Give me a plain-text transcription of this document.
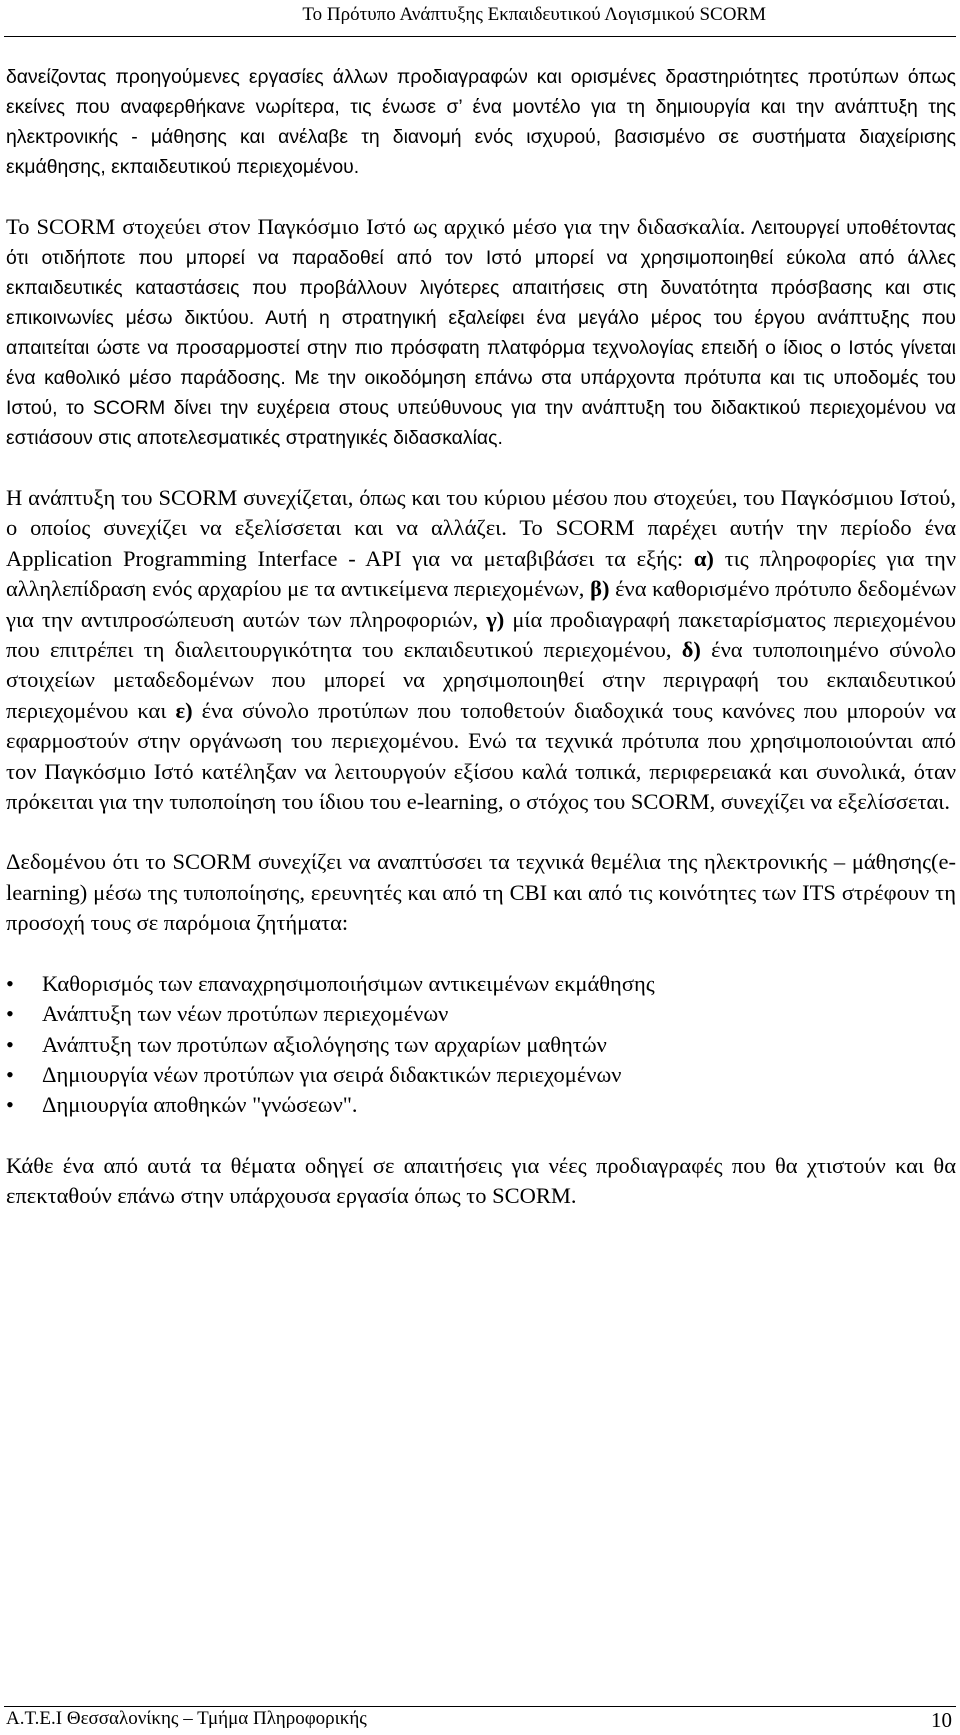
Το Πρότυπο Ανάπτυξης Εκπαιδευτικού Λογισμικού SCORM

δανείζοντας προηγούμενες εργασίες άλλων προδιαγραφών και ορισμένες δραστηριότητες προτύπων όπως εκείνες που αναφερθήκανε νωρίτερα, τις ένωσε σ’ ένα μοντέλο για τη δημιουργία και την ανάπτυξη της ηλεκτρονικής - μάθησης και ανέλαβε τη διανομή ενός ισχυρού, βασισμένο σε συστήματα διαχείρισης εκμάθησης, εκπαιδευτικού περιεχομένου.

Το SCORM στοχεύει στον Παγκόσμιο Ιστό ως αρχικό μέσο για την διδασκαλία. Λειτουργεί υποθέτοντας ότι οτιδήποτε που μπορεί να παραδοθεί από τον Ιστό μπορεί να χρησιμοποιηθεί εύκολα από άλλες εκπαιδευτικές καταστάσεις που προβάλλουν λιγότερες απαιτήσεις στη δυνατότητα πρόσβασης και στις επικοινωνίες μέσω δικτύου. Αυτή η στρατηγική εξαλείφει ένα μεγάλο μέρος του έργου ανάπτυξης που απαιτείται ώστε να προσαρμοστεί στην πιο πρόσφατη πλατφόρμα τεχνολογίας επειδή ο ίδιος ο Ιστός γίνεται ένα καθολικό μέσο παράδοσης. Με την οικοδόμηση επάνω στα υπάρχοντα πρότυπα και τις υποδομές του Ιστού, το SCORM δίνει την ευχέρεια στους υπεύθυνους για την ανάπτυξη του διδακτικού περιεχομένου να εστιάσουν στις αποτελεσματικές στρατηγικές διδασκαλίας.

Η ανάπτυξη του SCORM συνεχίζεται, όπως και του κύριου μέσου που στοχεύει, του Παγκόσμιου Ιστού, ο οποίος συνεχίζει να εξελίσσεται και να αλλάζει. Το SCORM παρέχει αυτήν την περίοδο ένα Application Programming Interface - API για να μεταβιβάσει τα εξής: α) τις πληροφορίες για την αλληλεπίδραση ενός αρχαρίου με τα αντικείμενα περιεχομένων, β) ένα καθορισμένο πρότυπο δεδομένων για την αντιπροσώπευση αυτών των πληροφοριών, γ) μία προδιαγραφή πακεταρίσματος περιεχομένου που επιτρέπει τη διαλειτουργικότητα του εκπαιδευτικού περιεχομένου, δ) ένα τυποποιημένο σύνολο στοιχείων μεταδεδομένων που μπορεί να χρησιμοποιηθεί στην περιγραφή του εκπαιδευτικού περιεχομένου και ε) ένα σύνολο προτύπων που τοποθετούν διαδοχικά τους κανόνες που μπορούν να εφαρμοστούν στην οργάνωση του περιεχομένου. Ενώ τα τεχνικά πρότυπα που χρησιμοποιούνται από τον Παγκόσμιο Ιστό κατέληξαν να λειτουργούν εξίσου καλά τοπικά, περιφερειακά και συνολικά, όταν πρόκειται για την τυποποίηση του ίδιου του e-learning, ο στόχος του SCORM, συνεχίζει να εξελίσσεται.

Δεδομένου ότι το SCORM συνεχίζει να αναπτύσσει τα τεχνικά θεμέλια της ηλεκτρονικής – μάθησης(e-learning) μέσω της τυποποίησης, ερευνητές και από τη CBI και από τις κοινότητες των ITS στρέφουν τη προσοχή τους σε παρόμοια ζητήματα:

• Καθορισμός των επαναχρησιμοποιήσιμων αντικειμένων εκμάθησης
• Ανάπτυξη των νέων προτύπων περιεχομένων
• Ανάπτυξη των προτύπων αξιολόγησης των αρχαρίων μαθητών
• Δημιουργία νέων προτύπων για σειρά διδακτικών περιεχομένων
• Δημιουργία αποθηκών "γνώσεων".

Κάθε ένα από αυτά τα θέματα οδηγεί σε απαιτήσεις για νέες προδιαγραφές που θα χτιστούν και θα επεκταθούν επάνω στην υπάρχουσα εργασία όπως το SCORM.

Α.Τ.Ε.Ι Θεσσαλονίκης – Τμήμα Πληροφορικής	10
